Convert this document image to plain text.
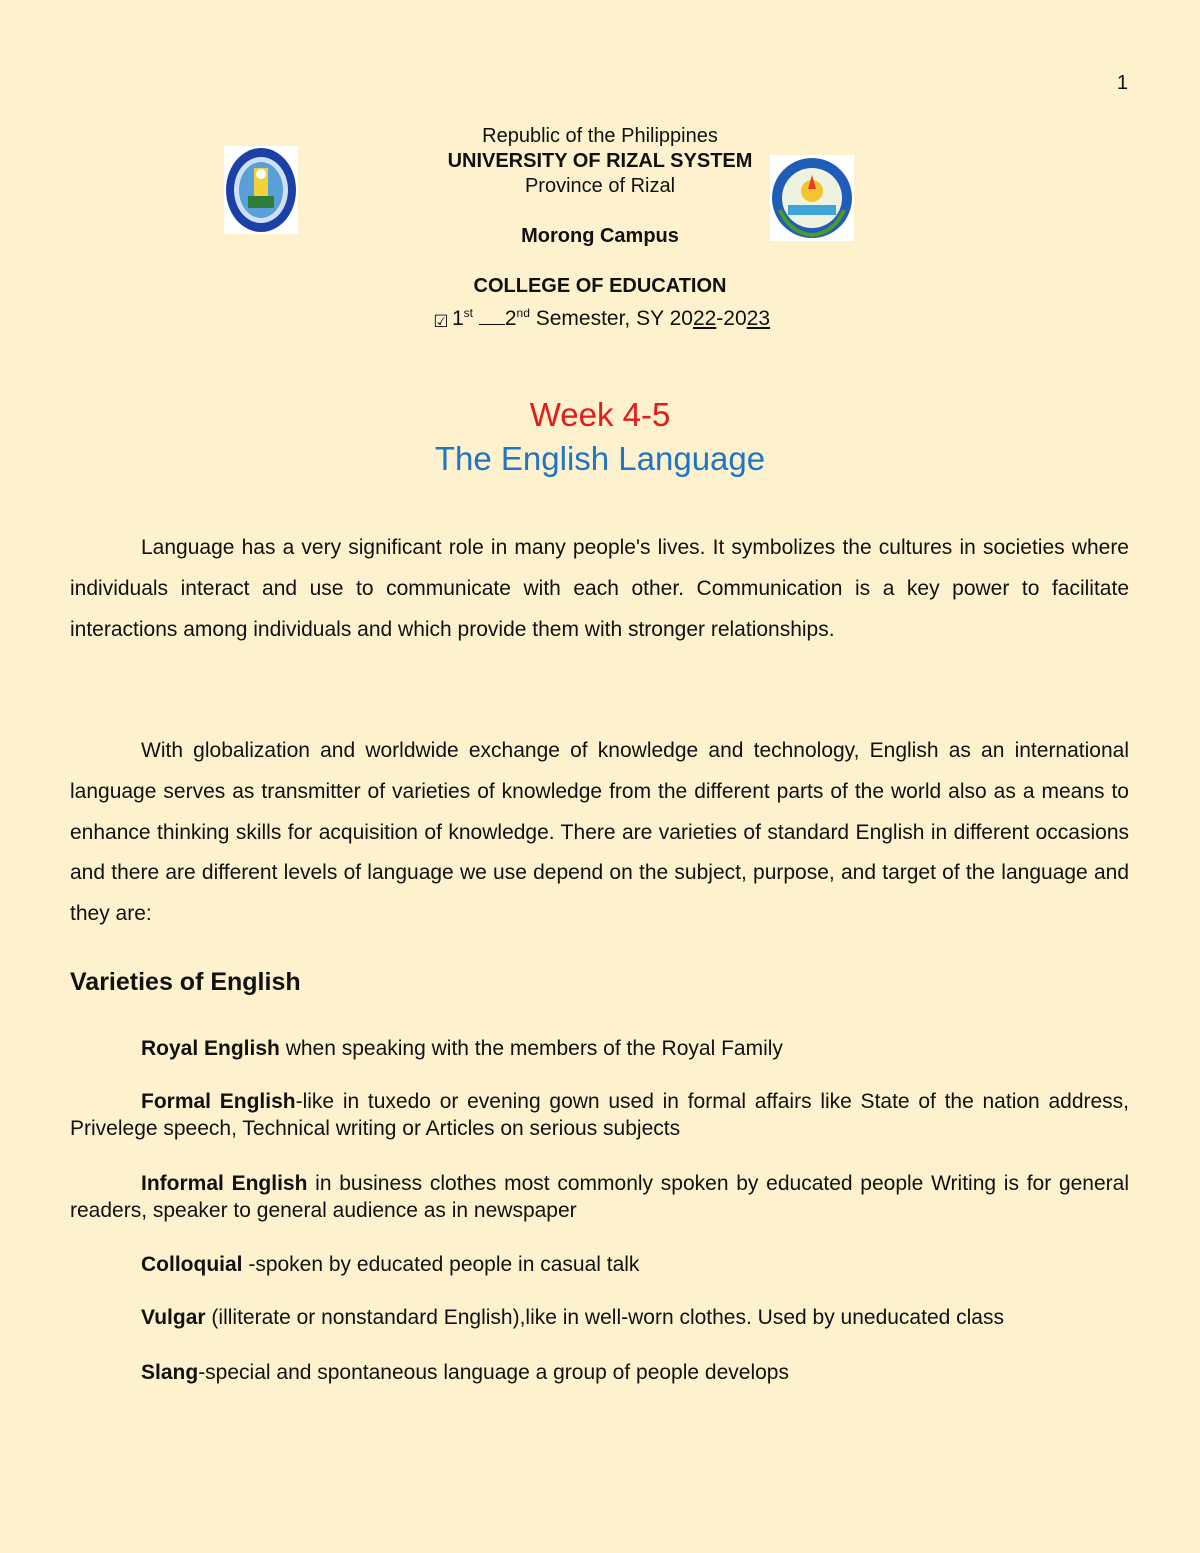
1
Republic of the Philippines
UNIVERSITY OF RIZAL SYSTEM
Province of Rizal
Morong Campus
COLLEGE OF EDUCATION
☑ 1st 2nd Semester, SY 2022-2023
Week 4-5
The English Language

Language has a very significant role in many people's lives. It symbolizes the cultures in societies where individuals interact and use to communicate with each other. Communication is a key power to facilitate interactions among individuals and which provide them with stronger relationships.

With globalization and worldwide exchange of knowledge and technology, English as an international language serves as transmitter of varieties of knowledge from the different parts of the world also as a means to enhance thinking skills for acquisition of knowledge. There are varieties of standard English in different occasions and there are different levels of language we use depend on the subject, purpose, and target of the language and they are:

Varieties of English

Royal English when speaking with the members of the Royal Family

Formal English-like in tuxedo or evening gown used in formal affairs like State of the nation address, Privelege speech, Technical writing or Articles on serious subjects

Informal English in business clothes most commonly spoken by educated people Writing is for general readers, speaker to general audience as in newspaper

Colloquial -spoken by educated people in casual talk

Vulgar (illiterate or nonstandard English),like in well-worn clothes. Used by uneducated class

Slang-special and spontaneous language a group of people develops
